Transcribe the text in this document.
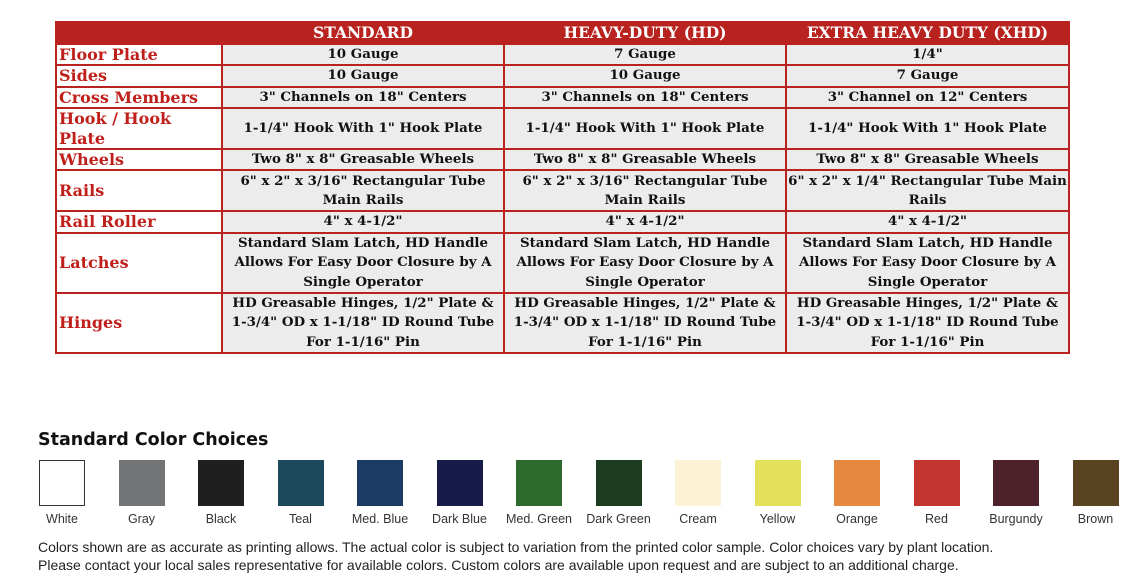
	STANDARD	HEAVY-DUTY (HD)	EXTRA HEAVY DUTY (XHD)
Floor Plate	10 Gauge	7 Gauge	1/4"
Sides	10 Gauge	10 Gauge	7 Gauge
Cross Members	3" Channels on 18" Centers	3" Channels on 18" Centers	3" Channel on 12" Centers
Hook / Hook Plate	1-1/4" Hook With 1" Hook Plate	1-1/4" Hook With 1" Hook Plate	1-1/4" Hook With 1" Hook Plate
Wheels	Two 8" x 8" Greasable Wheels	Two 8" x 8" Greasable Wheels	Two 8" x 8" Greasable Wheels
Rails	6" x 2" x 3/16" Rectangular Tube Main Rails	6" x 2" x 3/16" Rectangular Tube Main Rails	6" x 2" x 1/4" Rectangular Tube Main Rails
Rail Roller	4" x 4-1/2"	4" x 4-1/2"	4" x 4-1/2"
Latches	Standard Slam Latch, HD Handle Allows For Easy Door Closure by A Single Operator	Standard Slam Latch, HD Handle Allows For Easy Door Closure by A Single Operator	Standard Slam Latch, HD Handle Allows For Easy Door Closure by A Single Operator
Hinges	HD Greasable Hinges, 1/2" Plate & 1-3/4" OD x 1-1/18" ID Round Tube For 1-1/16" Pin	HD Greasable Hinges, 1/2" Plate & 1-3/4" OD x 1-1/18" ID Round Tube For 1-1/16" Pin	HD Greasable Hinges, 1/2" Plate & 1-3/4" OD x 1-1/18" ID Round Tube For 1-1/16" Pin
Standard Color Choices
White	Gray	Black	Teal	Med. Blue	Dark Blue	Med. Green	Dark Green	Cream	Yellow	Orange	Red	Burgundy	Brown

Colors shown are as accurate as printing allows. The actual color is subject to variation from the printed color sample. Color choices vary by plant location.
Please contact your local sales representative for available colors. Custom colors are available upon request and are subject to an additional charge.
